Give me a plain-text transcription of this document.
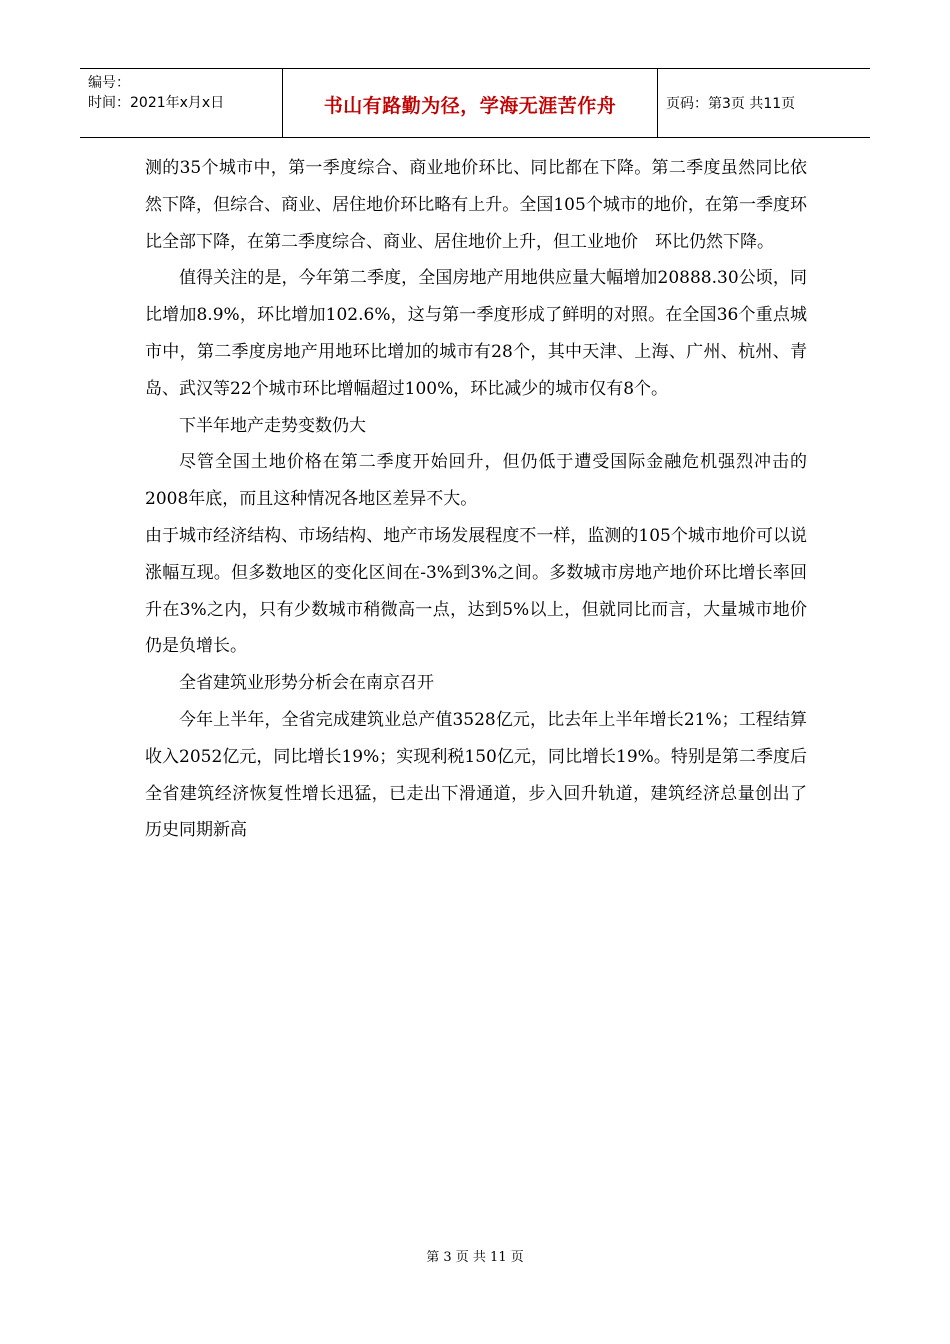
编号：
时间：2021年x月x日	书山有路勤为径，学海无涯苦作舟	页码：第3页 共11页

测的35个城市中，第一季度综合、商业地价环比、同比都在下降。第二季度虽然同比依然下降，但综合、商业、居住地价环比略有上升。全国105个城市的地价，在第一季度环比全部下降，在第二季度综合、商业、居住地价上升，但工业地价　环比仍然下降。

值得关注的是，今年第二季度，全国房地产用地供应量大幅增加20888.30公顷，同比增加8.9%，环比增加102.6%，这与第一季度形成了鲜明的对照。在全国36个重点城市中，第二季度房地产用地环比增加的城市有28个，其中天津、上海、广州、杭州、青岛、武汉等22个城市环比增幅超过100%，环比减少的城市仅有8个。

下半年地产走势变数仍大

尽管全国土地价格在第二季度开始回升，但仍低于遭受国际金融危机强烈冲击的2008年底，而且这种情况各地区差异不大。

由于城市经济结构、市场结构、地产市场发展程度不一样，监测的105个城市地价可以说涨幅互现。但多数地区的变化区间在-3%到3%之间。多数城市房地产地价环比增长率回升在3%之内，只有少数城市稍微高一点，达到5%以上，但就同比而言，大量城市地价仍是负增长。

全省建筑业形势分析会在南京召开

今年上半年，全省完成建筑业总产值3528亿元，比去年上半年增长21%；工程结算收入2052亿元，同比增长19%；实现利税150亿元，同比增长19%。特别是第二季度后全省建筑经济恢复性增长迅猛，已走出下滑通道，步入回升轨道，建筑经济总量创出了历史同期新高

第 3 页 共 11 页
